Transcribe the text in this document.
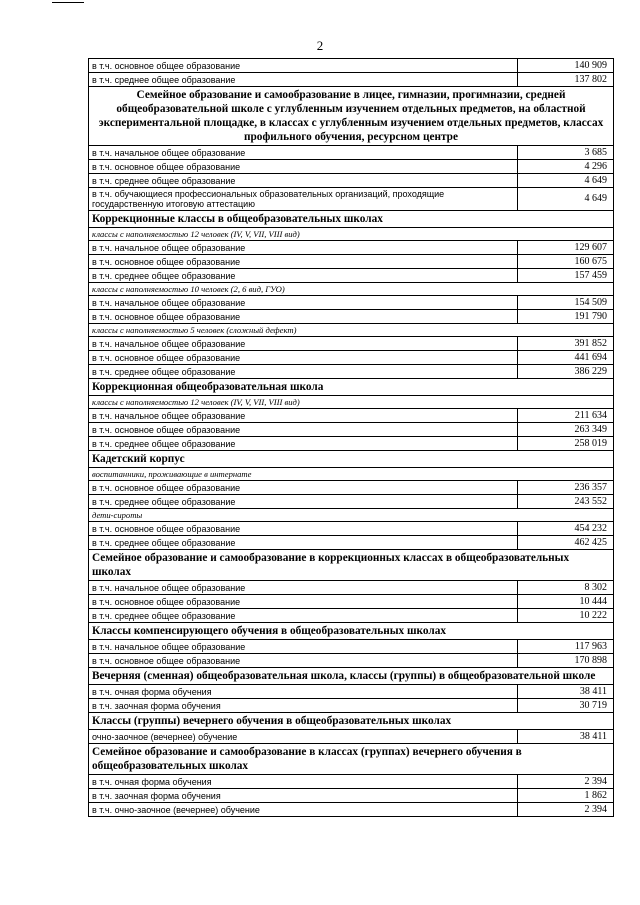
2
в т.ч. основное общее образование	140 909
в т.ч. среднее общее образование	137 802
Семейное образование и самообразование в лицее, гимназии, прогимназии, средней общеобразовательной школе с углубленным изучением отдельных предметов, на областной экспериментальной площадке, в классах с углубленным изучением отдельных предметов, классах профильного обучения, ресурсном центре	
в т.ч. начальное общее образование	3 685
в т.ч. основное общее образование	4 296
в т.ч. среднее общее образование	4 649
в т.ч. обучающиеся профессиональных образовательных организаций, проходящие государственную итоговую аттестацию	4 649
Коррекционные классы в общеобразовательных школах	
классы с наполняемостью 12 человек (IV, V, VII, VIII вид)	
в т.ч. начальное общее образование	129 607
в т.ч. основное общее образование	160 675
в т.ч. среднее общее образование	157 459
классы с наполняемостью 10 человек (2, 6 вид, ГУО)	
в т.ч. начальное общее образование	154 509
в т.ч. основное общее образование	191 790
классы с наполняемостью 5 человек (сложный дефект)	
в т.ч. начальное общее образование	391 852
в т.ч. основное общее образование	441 694
в т.ч. среднее общее образование	386 229
Коррекционная общеобразовательная школа	
классы с наполняемостью 12 человек (IV, V, VII, VIII вид)	
в т.ч. начальное общее образование	211 634
в т.ч. основное общее образование	263 349
в т.ч. среднее общее образование	258 019
Кадетский корпус	
воспитанники, проживающие в интернате	
в т.ч. основное общее образование	236 357
в т.ч. среднее общее образование	243 552
дети-сироты	
в т.ч. основное общее образование	454 232
в т.ч. среднее общее образование	462 425
Семейное образование и самообразование в коррекционных классах в общеобразовательных школах	
в т.ч. начальное общее образование	8 302
в т.ч. основное общее образование	10 444
в т.ч. среднее общее образование	10 222
Классы компенсирующего обучения в общеобразовательных школах	
в т.ч. начальное общее образование	117 963
в т.ч. основное общее образование	170 898
Вечерняя (сменная) общеобразовательная школа, классы (группы) в общеобразовательной школе	
в т.ч. очная форма обучения	38 411
в т.ч. заочная форма обучения	30 719
Классы (группы) вечернего обучения в общеобразовательных школах	
очно-заочное (вечернее) обучение	38 411
Семейное образование и самообразование в классах (группах) вечернего обучения в общеобразовательных школах	
в т.ч. очная форма обучения	2 394
в т.ч. заочная форма обучения	1 862
в т.ч. очно-заочное (вечернее) обучение	2 394
